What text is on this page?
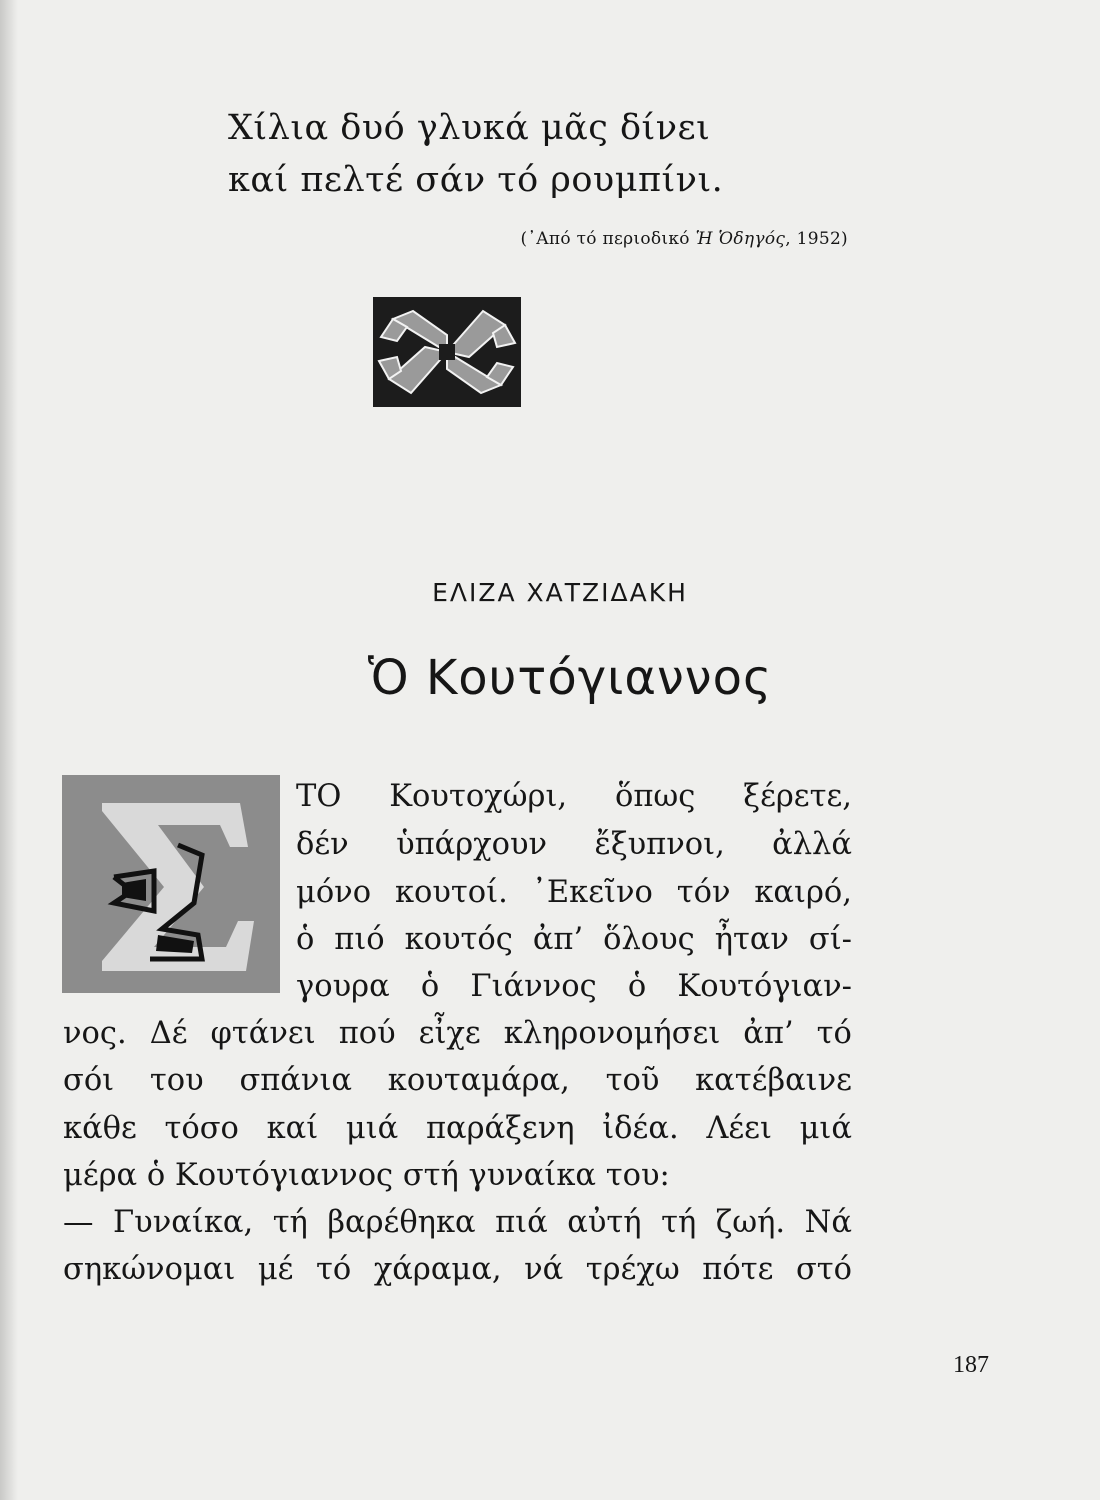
Χίλια δυό γλυκά μᾶς δίνει
καί πελτέ σάν τό ρουμπίνι.
(᾿Από τό περιοδικό Ἡ Ὁδηγός, 1952)
ΕΛΙΖΑ ΧΑΤΖΙΔΑΚΗ
Ὁ Κουτόγιαννος
ΤΟ Κουτοχώρι, ὅπως ξέρετε,
δέν ὑπάρχουν ἔξυπνοι, ἀλλά
μόνο κουτοί. ᾿Εκεῖνο τόν καιρό,
ὁ πιό κουτός ἀπ’ ὅλους ἦταν σί-
γουρα ὁ Γιάννος ὁ Κουτόγιαν-
νος. Δέ φτάνει πού εἶχε κληρονομήσει ἀπ’ τό
σόι του σπάνια κουταμάρα, τοῦ κατέβαινε
κάθε τόσο καί μιά παράξενη ἰδέα. Λέει μιά
μέρα ὁ Κουτόγιαννος στή γυναίκα του:
— Γυναίκα, τή βαρέθηκα πιά αὐτή τή ζωή. Νά
σηκώνομαι μέ τό χάραμα, νά τρέχω πότε στό
187
